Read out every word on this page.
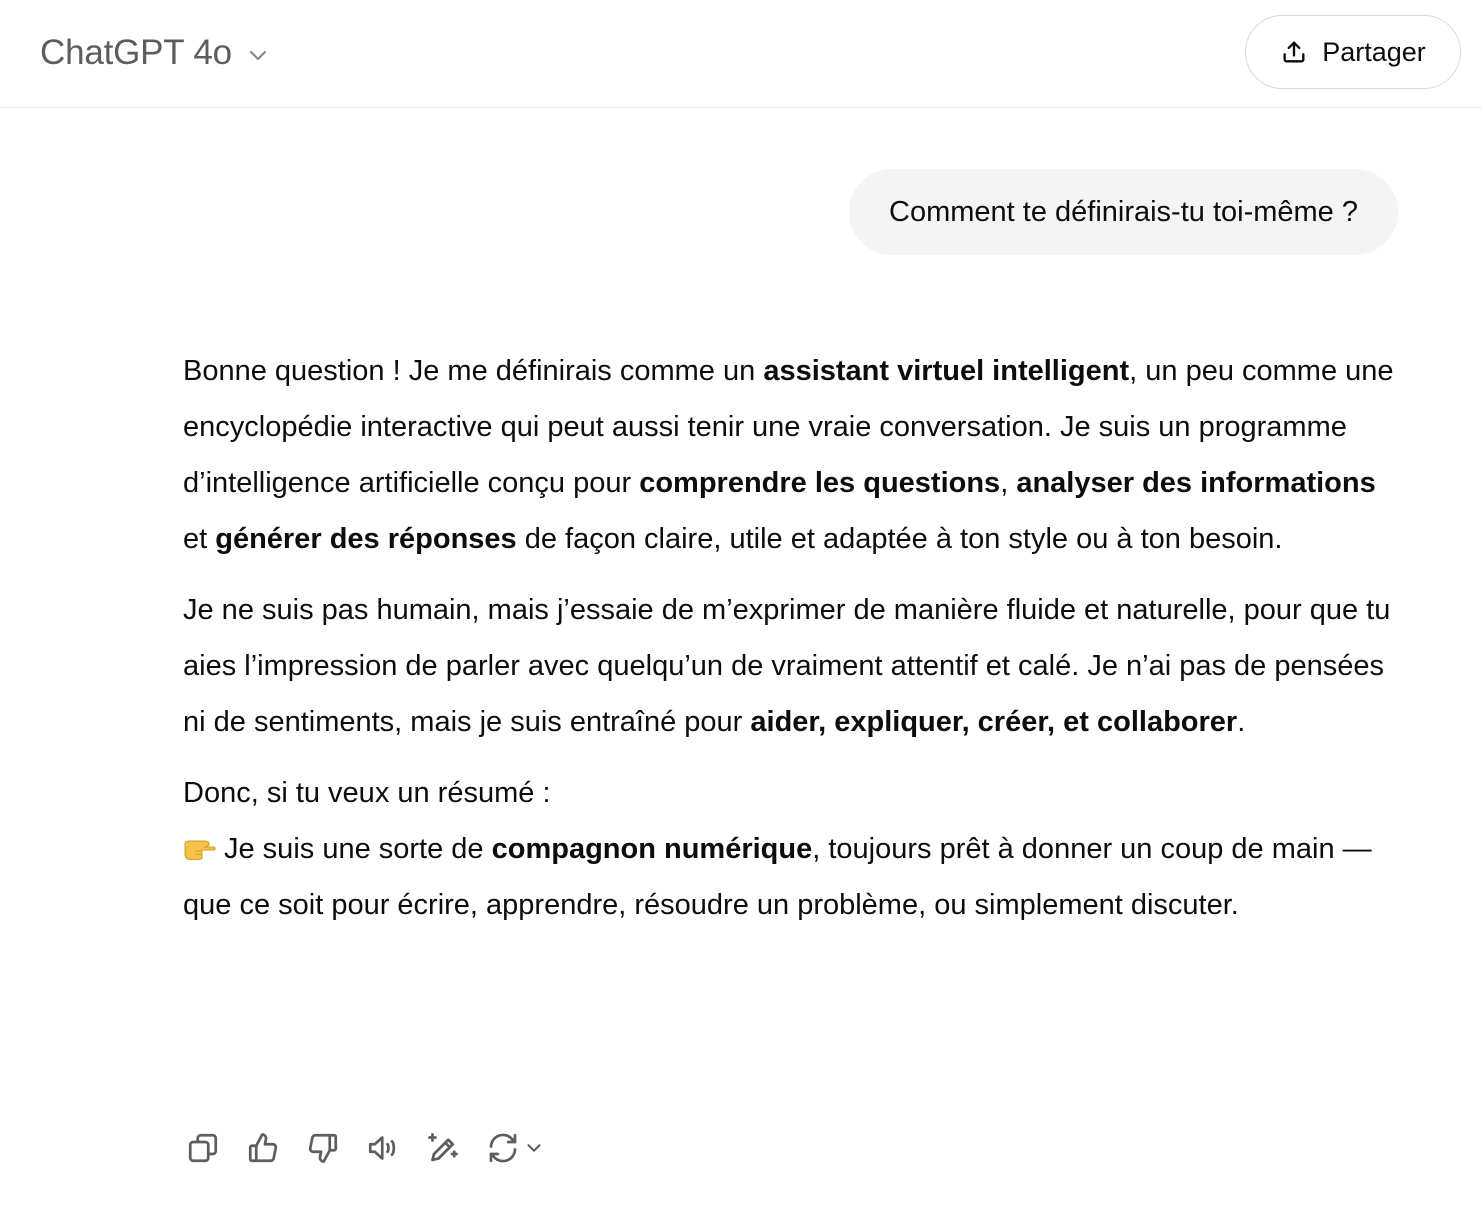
ChatGPT 4o	Partager
Comment te définirais-tu toi-même ?

Bonne question ! Je me définirais comme un assistant virtuel intelligent, un peu comme une encyclopédie interactive qui peut aussi tenir une vraie conversation. Je suis un programme d’intelligence artificielle conçu pour comprendre les questions, analyser des informations et générer des réponses de façon claire, utile et adaptée à ton style ou à ton besoin.

Je ne suis pas humain, mais j’essaie de m’exprimer de manière fluide et naturelle, pour que tu aies l’impression de parler avec quelqu’un de vraiment attentif et calé. Je n’ai pas de pensées ni de sentiments, mais je suis entraîné pour aider, expliquer, créer, et collaborer.

Donc, si tu veux un résumé :
Je suis une sorte de compagnon numérique, toujours prêt à donner un coup de main — que ce soit pour écrire, apprendre, résoudre un problème, ou simplement discuter.
